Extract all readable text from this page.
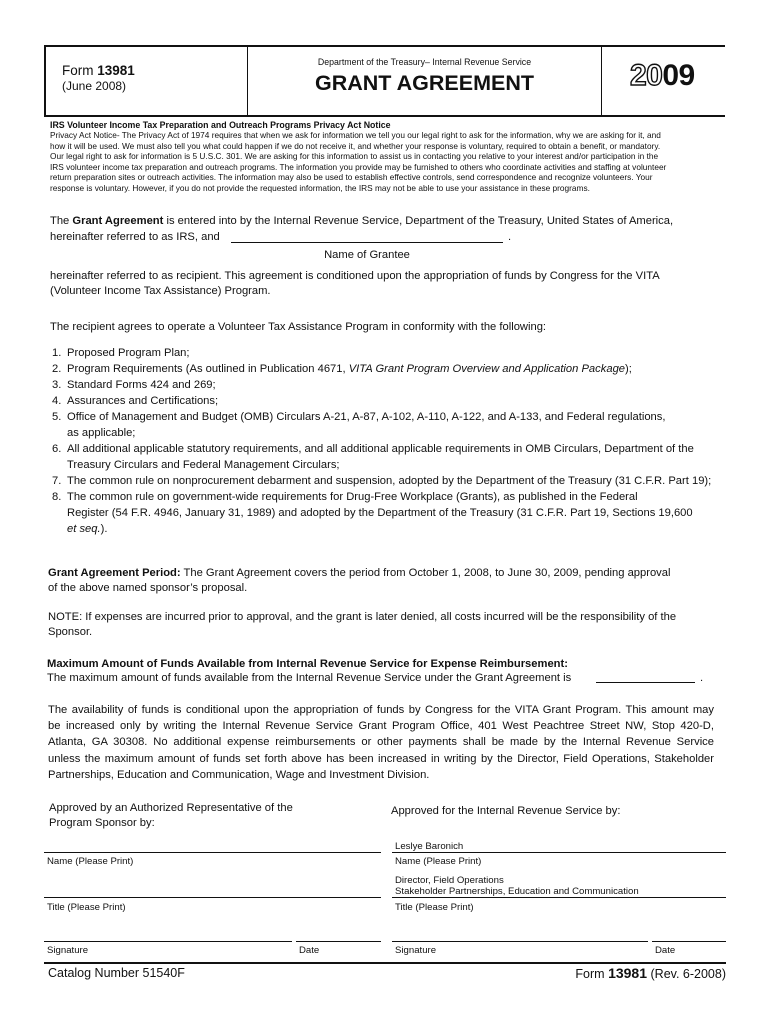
Form 13981
(June 2008)
Department of the Treasury– Internal Revenue Service
GRANT AGREEMENT	2009
IRS Volunteer Income Tax Preparation and Outreach Programs Privacy Act Notice
Privacy Act Notice- The Privacy Act of 1974 requires that when we ask for information we tell you our legal right to ask for the information, why we are asking for it, and
how it will be used. We must also tell you what could happen if we do not receive it, and whether your response is voluntary, required to obtain a benefit, or mandatory.
Our legal right to ask for information is 5 U.S.C. 301. We are asking for this information to assist us in contacting you relative to your interest and/or participation in the
IRS volunteer income tax preparation and outreach programs. The information you provide may be furnished to others who coordinate activities and staffing at volunteer
return preparation sites or outreach activities. The information may also be used to establish effective controls, send correspondence and recognize volunteers. Your
response is voluntary. However, if you do not provide the requested information, the IRS may not be able to use your assistance in these programs.
The Grant Agreement is entered into by the Internal Revenue Service, Department of the Treasury, United States of America,
hereinafter referred to as IRS, and	.
Name of Grantee
hereinafter referred to as recipient. This agreement is conditioned upon the appropriation of funds by Congress for the VITA
(Volunteer Income Tax Assistance) Program.
The recipient agrees to operate a Volunteer Tax Assistance Program in conformity with the following:
1. Proposed Program Plan;
2. Program Requirements (As outlined in Publication 4671, VITA Grant Program Overview and Application Package);
3. Standard Forms 424 and 269;
4. Assurances and Certifications;
5. Office of Management and Budget (OMB) Circulars A-21, A-87, A-102, A-110, A-122, and A-133, and Federal regulations,
as applicable;
6. All additional applicable statutory requirements, and all additional applicable requirements in OMB Circulars, Department of the
Treasury Circulars and Federal Management Circulars;
7. The common rule on nonprocurement debarment and suspension, adopted by the Department of the Treasury (31 C.F.R. Part 19);
8. The common rule on government-wide requirements for Drug-Free Workplace (Grants), as published in the Federal
Register (54 F.R. 4946, January 31, 1989) and adopted by the Department of the Treasury (31 C.F.R. Part 19, Sections 19,600
et seq.).
Grant Agreement Period: The Grant Agreement covers the period from October 1, 2008, to June 30, 2009, pending approval
of the above named sponsor’s proposal.
NOTE: If expenses are incurred prior to approval, and the grant is later denied, all costs incurred will be the responsibility of the
Sponsor.
Maximum Amount of Funds Available from Internal Revenue Service for Expense Reimbursement:
The maximum amount of funds available from the Internal Revenue Service under the Grant Agreement is	.
The availability of funds is conditional upon the appropriation of funds by Congress for the VITA Grant Program. This amount may
be increased only by writing the Internal Revenue Service Grant Program Office, 401 West Peachtree Street NW, Stop 420-D,
Atlanta, GA 30308. No additional expense reimbursements or other payments shall be made by the Internal Revenue Service
unless the maximum amount of funds set forth above has been increased in writing by the Director, Field Operations, Stakeholder
Partnerships, Education and Communication, Wage and Investment Division.
Approved by an Authorized Representative of the
Program Sponsor by:
Approved for the Internal Revenue Service by:
Name (Please Print)
Title (Please Print)
Signature	Date
Leslye Baronich
Name (Please Print)
Director, Field Operations
Stakeholder Partnerships, Education and Communication
Title (Please Print)
Signature	Date
Catalog Number 51540F	Form 13981 (Rev. 6-2008)
